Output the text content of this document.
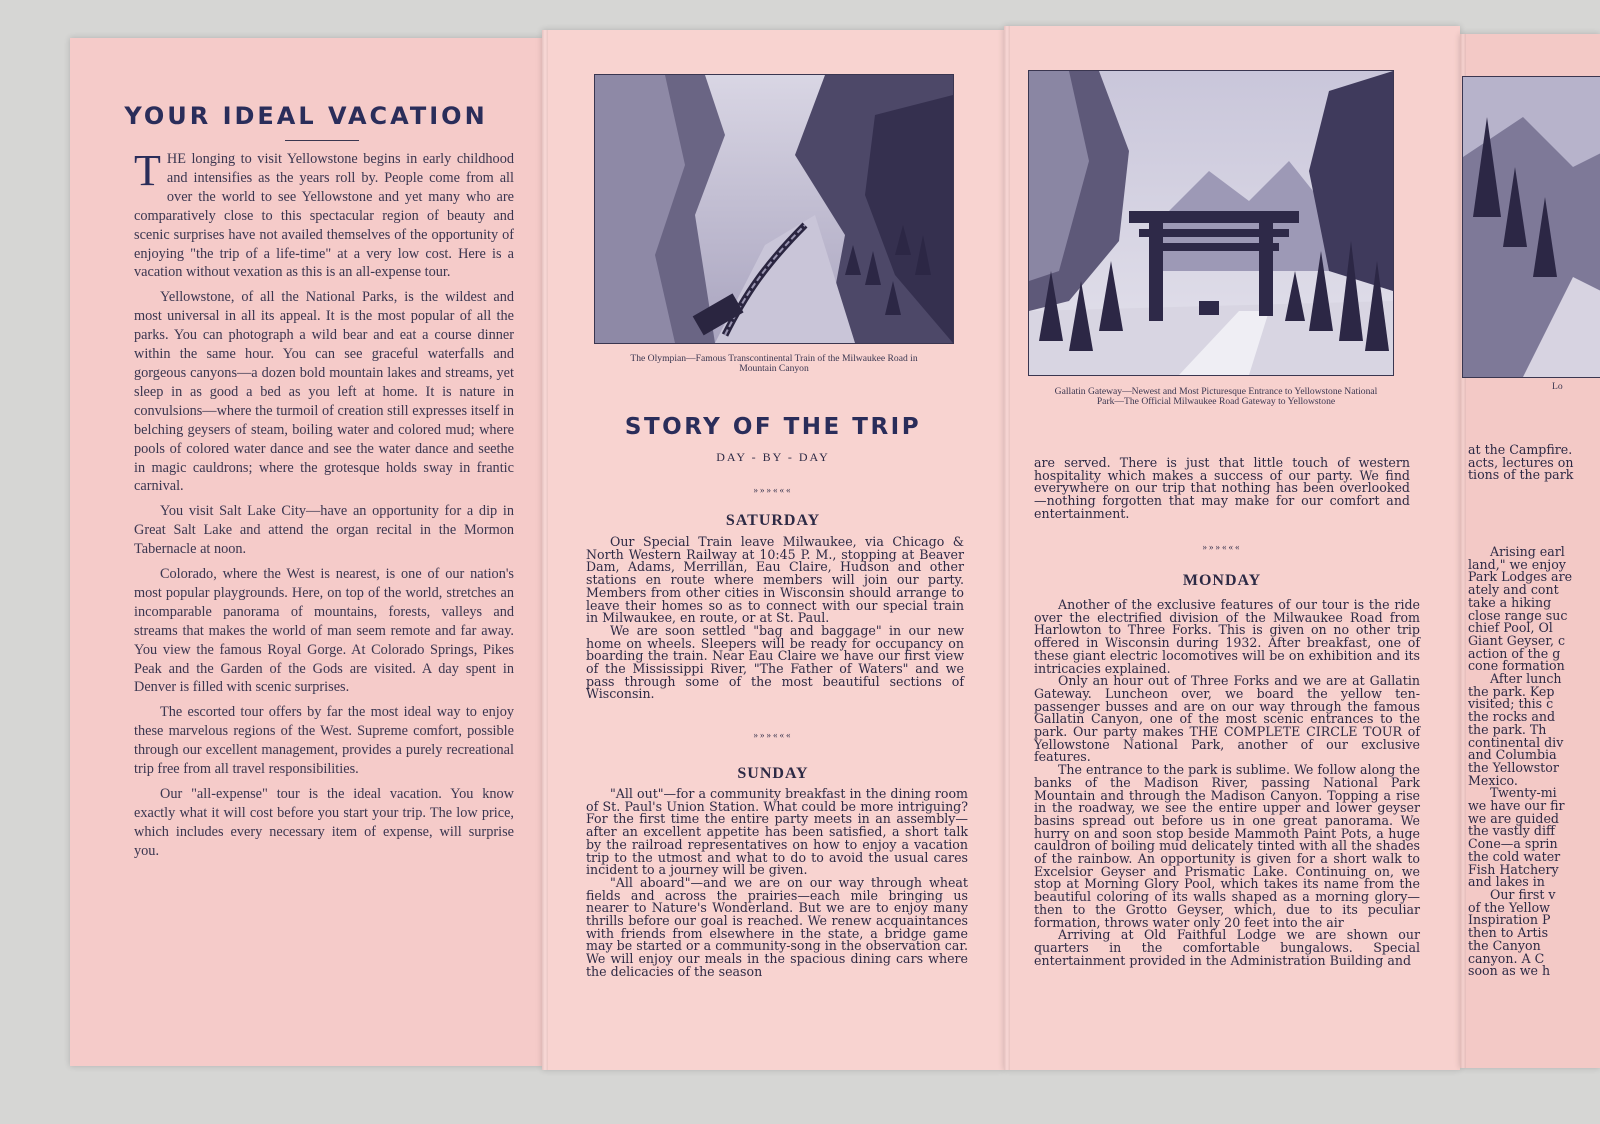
YOUR IDEAL VACATION

THE longing to visit Yellowstone begins in early childhood and intensifies as the years roll by. People come from all over the world to see Yellowstone and yet many who are comparatively close to this spectacular region of beauty and scenic surprises have not availed themselves of the opportunity of enjoying "the trip of a life-time" at a very low cost. Here is a vacation without vexation as this is an all-expense tour.

Yellowstone, of all the National Parks, is the wildest and most universal in all its appeal. It is the most popular of all the parks. You can photograph a wild bear and eat a course dinner within the same hour. You can see graceful waterfalls and gorgeous canyons—a dozen bold mountain lakes and streams, yet sleep in as good a bed as you left at home. It is nature in convulsions—where the turmoil of creation still expresses itself in belching geysers of steam, boiling water and colored mud; where pools of colored water dance and see the water dance and seethe in magic cauldrons; where the grotesque holds sway in frantic carnival.

You visit Salt Lake City—have an opportunity for a dip in Great Salt Lake and attend the organ recital in the Mormon Tabernacle at noon.

Colorado, where the West is nearest, is one of our nation's most popular playgrounds. Here, on top of the world, stretches an incomparable panorama of mountains, forests, valleys and streams that makes the world of man seem remote and far away. You view the famous Royal Gorge. At Colorado Springs, Pikes Peak and the Garden of the Gods are visited. A day spent in Denver is filled with scenic surprises.

The escorted tour offers by far the most ideal way to enjoy these marvelous regions of the West. Supreme comfort, possible through our excellent management, provides a purely recreational trip free from all travel responsibilities.

Our "all-expense" tour is the ideal vacation. You know exactly what it will cost before you start your trip. The low price, which includes every necessary item of expense, will surprise you.

The Olympian—Famous Transcontinental Train of the Milwaukee Road in Mountain Canyon
STORY OF THE TRIP
DAY - BY - DAY
»»»«««
SATURDAY

Our Special Train leave Milwaukee, via Chicago & North Western Railway at 10:45 P. M., stopping at Beaver Dam, Adams, Merrillan, Eau Claire, Hudson and other stations en route where members will join our party. Members from other cities in Wisconsin should arrange to leave their homes so as to connect with our special train in Milwaukee, en route, or at St. Paul.

We are soon settled "bag and baggage" in our new home on wheels. Sleepers will be ready for occupancy on boarding the train. Near Eau Claire we have our first view of the Mississippi River, "The Father of Waters" and we pass through some of the most beautiful sections of Wisconsin.

»»»«««
SUNDAY

"All out"—for a community breakfast in the dining room of St. Paul's Union Station. What could be more intriguing? For the first time the entire party meets in an assembly—after an excellent appetite has been satisfied, a short talk by the railroad representatives on how to enjoy a vacation trip to the utmost and what to do to avoid the usual cares incident to a journey will be given.

"All aboard"—and we are on our way through wheat fields and across the prairies—each mile bringing us nearer to Nature's Wonderland. But we are to enjoy many thrills before our goal is reached. We renew acquaintances with friends from elsewhere in the state, a bridge game may be started or a community-song in the observation car. We will enjoy our meals in the spacious dining cars where the delicacies of the season

Gallatin Gateway—Newest and Most Picturesque Entrance to Yellowstone National Park—The Official Milwaukee Road Gateway to Yellowstone

are served. There is just that little touch of western hospitality which makes a success of our party. We find everywhere on our trip that nothing has been overlooked—nothing forgotten that may make for our comfort and entertainment.

»»»«««
MONDAY

Another of the exclusive features of our tour is the ride over the electrified division of the Milwaukee Road from Harlowton to Three Forks. This is given on no other trip offered in Wisconsin during 1932. After breakfast, one of these giant electric locomotives will be on exhibition and its intricacies explained.

Only an hour out of Three Forks and we are at Gallatin Gateway. Luncheon over, we board the yellow ten-passenger busses and are on our way through the famous Gallatin Canyon, one of the most scenic entrances to the park. Our party makes THE COMPLETE CIRCLE TOUR of Yellowstone National Park, another of our exclusive features.

The entrance to the park is sublime. We follow along the banks of the Madison River, passing National Park Mountain and through the Madison Canyon. Topping a rise in the roadway, we see the entire upper and lower geyser basins spread out before us in one great panorama. We hurry on and soon stop beside Mammoth Paint Pots, a huge cauldron of boiling mud delicately tinted with all the shades of the rainbow. An opportunity is given for a short walk to Excelsior Geyser and Prismatic Lake. Continuing on, we stop at Morning Glory Pool, which takes its name from the beautiful coloring of its walls shaped as a morning glory—then to the Grotto Geyser, which, due to its peculiar formation, throws water only 20 feet into the air

Arriving at Old Faithful Lodge we are shown our quarters in the comfortable bungalows. Special entertainment provided in the Administration Building and

Lo
at the Campfire.
acts, lectures on
tions of the park
Arising earl
land," we enjoy
Park Lodges are
ately and cont
take a hiking
close range suc
chief Pool, Ol
Giant Geyser, c
action of the g
cone formation
After lunch
the park. Kep
visited; this c
the rocks and
the park. Th
continental div
and Columbia
the Yellowstor
Mexico.
Twenty-mi
we have our fir
we are guided
the vastly diff
Cone—a sprin
the cold water
Fish Hatchery
and lakes in
Our first v
of the Yellow
Inspiration P
then to Artis
the Canyon
canyon. A C
soon as we h
